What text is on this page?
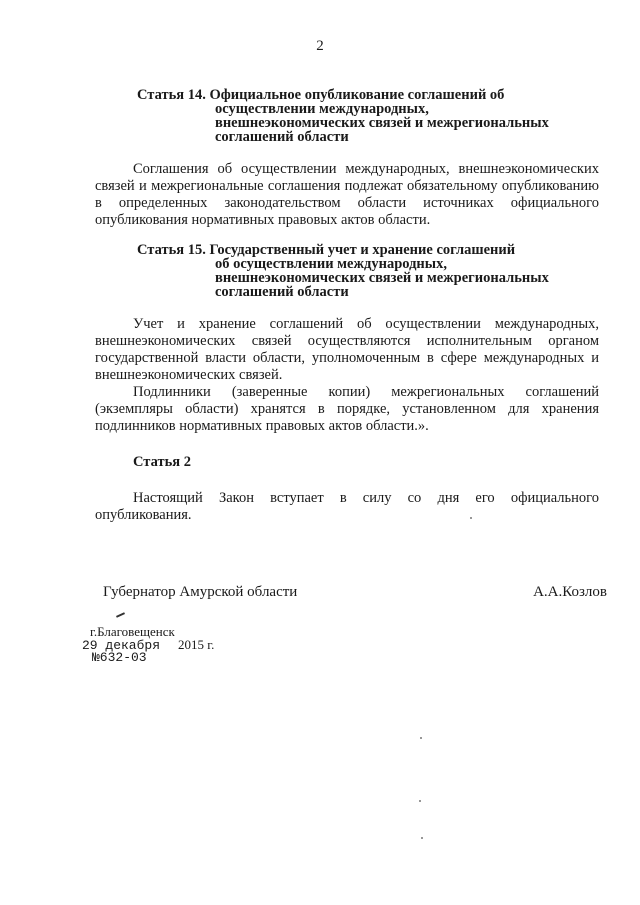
2
Статья 14. Официальное опубликование соглашений об
осуществлении международных,
внешнеэкономических связей и межрегиональных
соглашений области

Соглашения об осуществлении международных, внешнеэкономических связей и межрегиональные соглашения подлежат обязательному опубликованию в определенных законодательством области источниках официального опубликования нормативных правовых актов области.

Статья 15. Государственный учет и хранение соглашений
об осуществлении международных,
внешнеэкономических связей и межрегиональных
соглашений области

Учет и хранение соглашений об осуществлении международных, внешнеэкономических связей осуществляются исполнительным органом государственной власти области, уполномоченным в сфере международных и внешнеэкономических связей.

Подлинники (заверенные копии) межрегиональных соглашений (экземпляры области) хранятся в порядке, установленном для хранения подлинников нормативных правовых актов области.».

Статья 2

Настоящий Закон вступает в силу со дня его официального опубликования.

Губернатор Амурской области	А.А.Козлов
г.Благовещенск
29 декабря 2015 г.
№632-03
